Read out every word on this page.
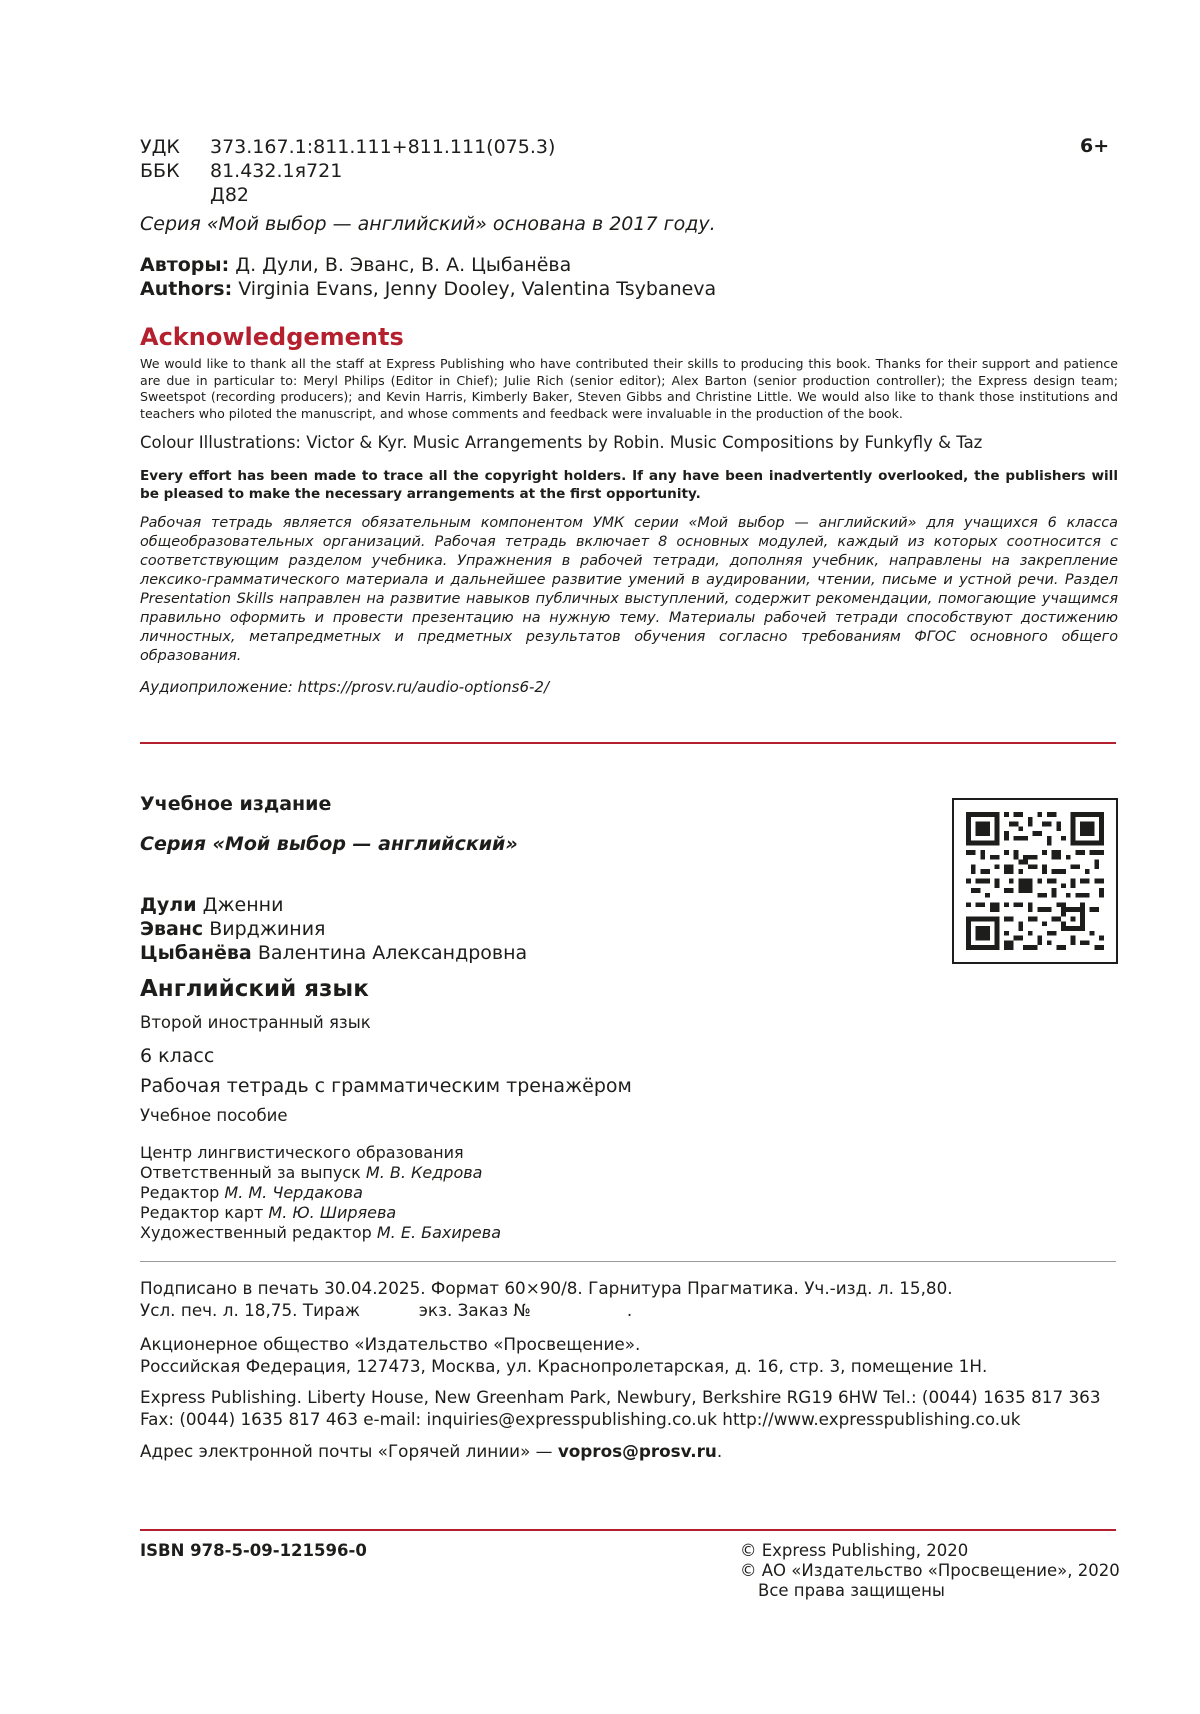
УДК	373.167.1:811.111+811.111(075.3)
ББК	81.432.1я721
Д82
6+
Серия «Мой выбор — английский» основана в 2017 году.
Авторы: Д. Дули, В. Эванс, В. А. Цыбанёва
Authors: Virginia Evans, Jenny Dooley, Valentina Tsybaneva
Acknowledgements
We would like to thank all the staff at Express Publishing who have contributed their skills to producing this book. Thanks for their support and patience are due in particular to: Meryl Philips (Editor in Chief); Julie Rich (senior editor); Alex Barton (senior production controller); the Express design team; Sweetspot (recording producers); and Kevin Harris, Kimberly Baker, Steven Gibbs and Christine Little. We would also like to thank those institutions and teachers who piloted the manuscript, and whose comments and feedback were invaluable in the production of the book.
Colour Illustrations: Victor & Kyr. Music Arrangements by Robin. Music Compositions by Funkyfly & Taz
Every effort has been made to trace all the copyright holders. If any have been inadvertently overlooked, the publishers will be pleased to make the necessary arrangements at the first opportunity.
Рабочая тетрадь является обязательным компонентом УМК серии «Мой выбор — английский» для учащихся 6 класса общеобразовательных организаций. Рабочая тетрадь включает 8 основных модулей, каждый из которых соотносится с соответствующим разделом учебника. Упражнения в рабочей тетради, дополняя учебник, направлены на закрепление лексико-грамматического материала и дальнейшее развитие умений в аудировании, чтении, письме и устной речи. Раздел Presentation Skills направлен на развитие навыков публичных выступлений, содержит рекомендации, помогающие учащимся правильно оформить и провести презентацию на нужную тему. Материалы рабочей тетради способствуют достижению личностных, метапредметных и предметных результатов обучения согласно требованиям ФГОС основного общего образования.
Аудиоприложение: https://prosv.ru/audio-options6-2/
Учебное издание
Серия «Мой выбор — английский»
Дули Дженни
Эванс Вирджиния
Цыбанёва Валентина Александровна
Английский язык
Второй иностранный язык
6 класс
Рабочая тетрадь с грамматическим тренажёром
Учебное пособие
Центр лингвистического образования
Ответственный за выпуск М. В. Кедрова
Редактор М. М. Чердакова
Редактор карт М. Ю. Ширяева
Художественный редактор М. Е. Бахирева
Подписано в печать 30.04.2025. Формат 60×90/8. Гарнитура Прагматика. Уч.-изд. л. 15,80.
Усл. печ. л. 18,75. Тираж           экз. Заказ №                  .
Акционерное общество «Издательство «Просвещение».
Российская Федерация, 127473, Москва, ул. Краснопролетарская, д. 16, стр. 3, помещение 1Н.
Express Publishing. Liberty House, New Greenham Park, Newbury, Berkshire RG19 6HW Tel.: (0044) 1635 817 363
Fax: (0044) 1635 817 463 e-mail: inquiries@expresspublishing.co.uk http://www.expresspublishing.co.uk
Адрес электронной почты «Горячей линии» — vopros@prosv.ru.
ISBN 978-5-09-121596-0	© Express Publishing, 2020
© АО «Издательство «Просвещение», 2020
Все права защищены
